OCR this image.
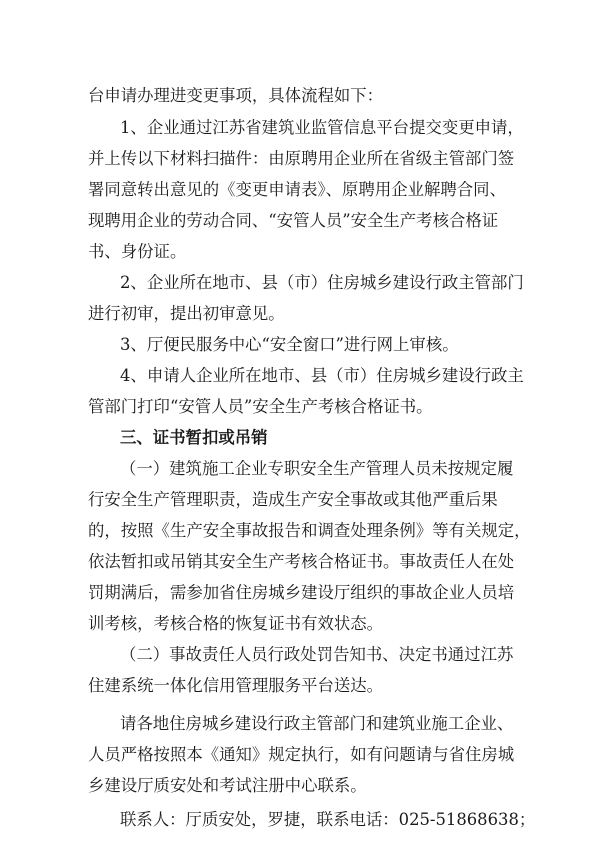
台申请办理进变更事项，具体流程如下：
1、企业通过江苏省建筑业监管信息平台提交变更申请，
并上传以下材料扫描件：由原聘用企业所在省级主管部门签
署同意转出意见的《变更申请表》、原聘用企业解聘合同、
现聘用企业的劳动合同、“安管人员”安全生产考核合格证
书、身份证。
2、企业所在地市、县（市）住房城乡建设行政主管部门
进行初审，提出初审意见。
3、厅便民服务中心“安全窗口”进行网上审核。
4、申请人企业所在地市、县（市）住房城乡建设行政主
管部门打印“安管人员”安全生产考核合格证书。
三、证书暂扣或吊销
（一）建筑施工企业专职安全生产管理人员未按规定履
行安全生产管理职责，造成生产安全事故或其他严重后果
的，按照《生产安全事故报告和调查处理条例》等有关规定，
依法暂扣或吊销其安全生产考核合格证书。事故责任人在处
罚期满后，需参加省住房城乡建设厅组织的事故企业人员培
训考核，考核合格的恢复证书有效状态。
（二）事故责任人员行政处罚告知书、决定书通过江苏
住建系统一体化信用管理服务平台送达。
请各地住房城乡建设行政主管部门和建筑业施工企业、
人员严格按照本《通知》规定执行，如有问题请与省住房城
乡建设厅质安处和考试注册中心联系。
联系人：厅质安处，罗捷，联系电话：025-51868638；
